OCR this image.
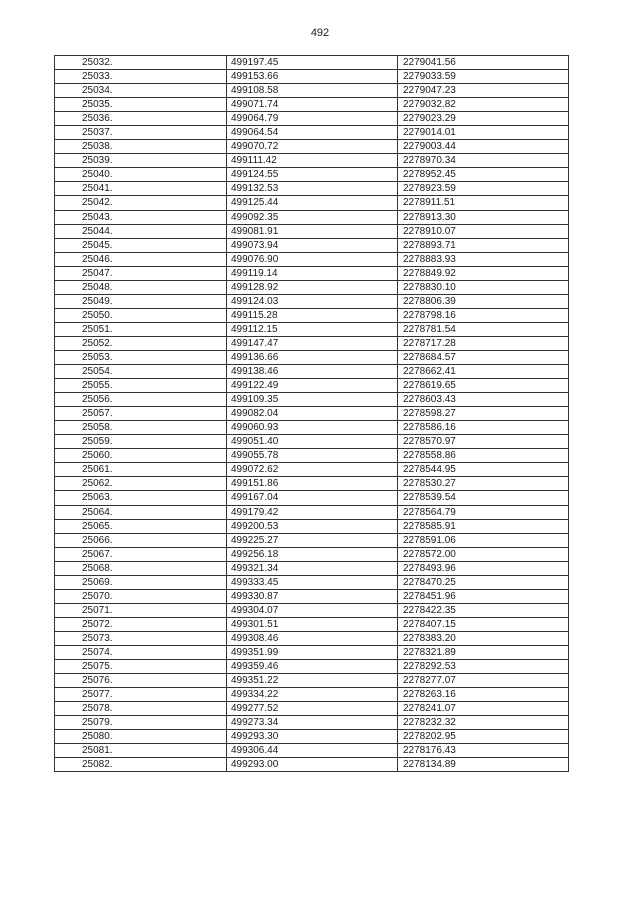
492
25032.	499197.45	2279041.56
25033.	499153.66	2279033.59
25034.	499108.58	2279047.23
25035.	499071.74	2279032.82
25036.	499064.79	2279023.29
25037.	499064.54	2279014.01
25038.	499070.72	2279003.44
25039.	499111.42	2278970.34
25040.	499124.55	2278952.45
25041.	499132.53	2278923.59
25042.	499125.44	2278911.51
25043.	499092.35	2278913.30
25044.	499081.91	2278910.07
25045.	499073.94	2278893.71
25046.	499076.90	2278883.93
25047.	499119.14	2278849.92
25048.	499128.92	2278830.10
25049.	499124.03	2278806.39
25050.	499115.28	2278798.16
25051.	499112.15	2278781.54
25052.	499147.47	2278717.28
25053.	499136.66	2278684.57
25054.	499138.46	2278662.41
25055.	499122.49	2278619.65
25056.	499109.35	2278603.43
25057.	499082.04	2278598.27
25058.	499060.93	2278586.16
25059.	499051.40	2278570.97
25060.	499055.78	2278558.86
25061.	499072.62	2278544.95
25062.	499151.86	2278530.27
25063.	499167.04	2278539.54
25064.	499179.42	2278564.79
25065.	499200.53	2278585.91
25066.	499225.27	2278591.06
25067.	499256.18	2278572.00
25068.	499321.34	2278493.96
25069.	499333.45	2278470.25
25070.	499330.87	2278451.96
25071.	499304.07	2278422.35
25072.	499301.51	2278407.15
25073.	499308.46	2278383.20
25074.	499351.99	2278321.89
25075.	499359.46	2278292.53
25076.	499351.22	2278277.07
25077.	499334.22	2278263.16
25078.	499277.52	2278241.07
25079.	499273.34	2278232.32
25080.	499293.30	2278202.95
25081.	499306.44	2278176.43
25082.	499293.00	2278134.89
